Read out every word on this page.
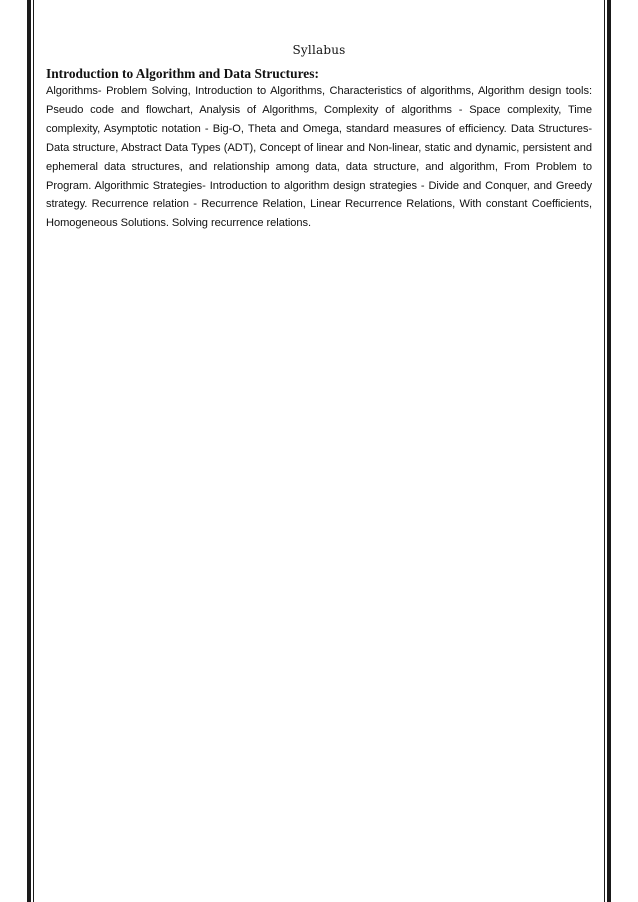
Syllabus
Introduction to Algorithm and Data Structures:
Algorithms- Problem Solving, Introduction to Algorithms, Characteristics of algorithms, Algorithm design tools: Pseudo code and flowchart, Analysis of Algorithms, Complexity of algorithms - Space complexity, Time complexity, Asymptotic notation - Big-O, Theta and Omega, standard measures of efficiency. Data Structures- Data structure, Abstract Data Types (ADT), Concept of linear and Non-linear, static and dynamic, persistent and ephemeral data structures, and relationship among data, data structure, and algorithm, From Problem to Program. Algorithmic Strategies- Introduction to algorithm design strategies - Divide and Conquer, and Greedy strategy. Recurrence relation - Recurrence Relation, Linear Recurrence Relations, With constant Coefficients, Homogeneous Solutions. Solving recurrence relations.
